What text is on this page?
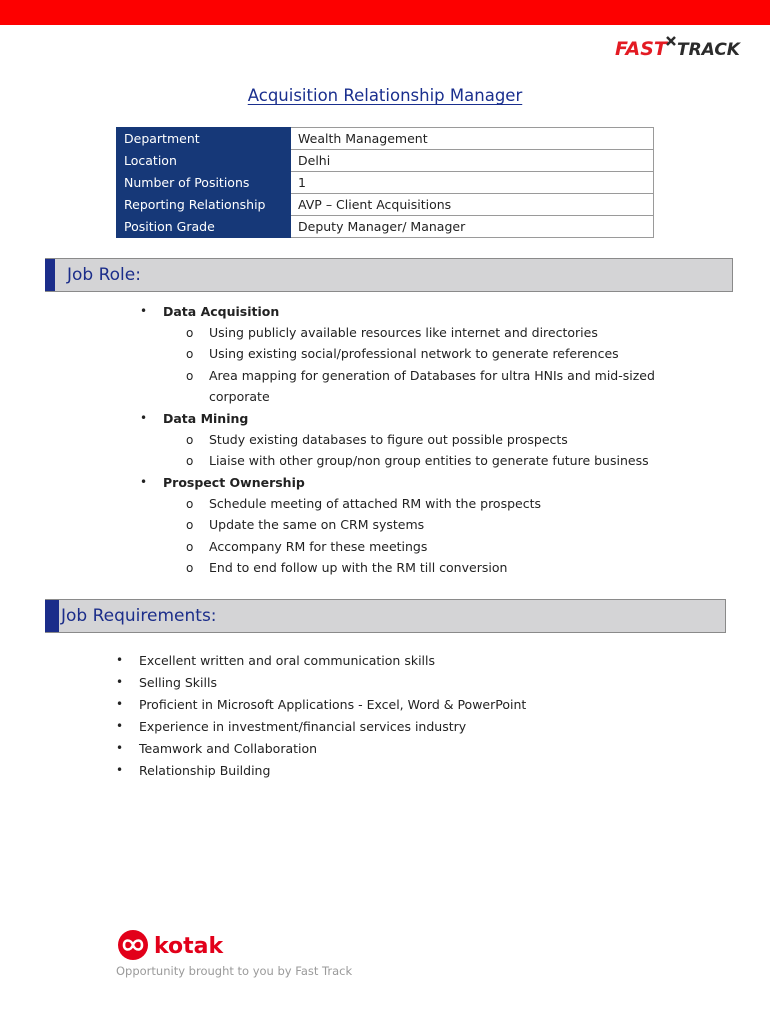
FAST TRACK
Acquisition Relationship Manager
Department	Wealth Management
Location	Delhi
Number of Positions	1
Reporting Relationship	AVP – Client Acquisitions
Position Grade	Deputy Manager/ Manager
Job Role:
• Data Acquisition
o Using publicly available resources like internet and directories
o Using existing social/professional network to generate references
o Area mapping for generation of Databases for ultra HNIs and mid-sized
corporate
• Data Mining
o Study existing databases to figure out possible prospects
o Liaise with other group/non group entities to generate future business
• Prospect Ownership
o Schedule meeting of attached RM with the prospects
o Update the same on CRM systems
o Accompany RM for these meetings
o End to end follow up with the RM till conversion
Job Requirements:
• Excellent written and oral communication skills
• Selling Skills
• Proficient in Microsoft Applications - Excel, Word & PowerPoint
• Experience in investment/financial services industry
• Teamwork and Collaboration
• Relationship Building
kotak
Opportunity brought to you by Fast Track
